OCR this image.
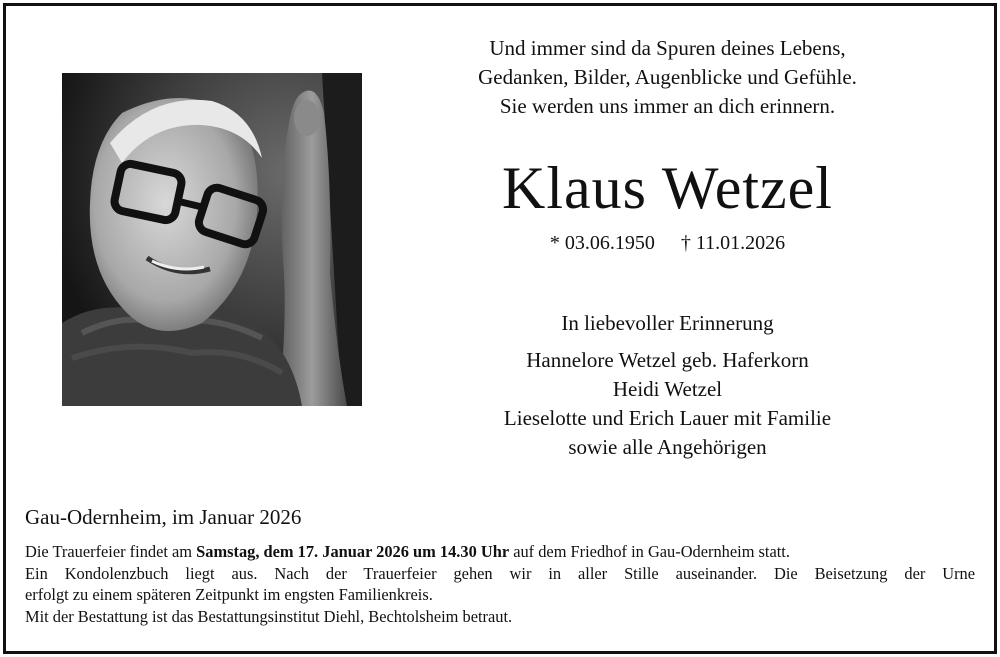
Und immer sind da Spuren deines Lebens,
Gedanken, Bilder, Augenblicke und Gefühle.
Sie werden uns immer an dich erinnern.
Klaus Wetzel
* 03.06.1950 † 11.01.2026
In liebevoller Erinnerung
Hannelore Wetzel geb. Haferkorn
Heidi Wetzel
Lieselotte und Erich Lauer mit Familie
sowie alle Angehörigen
Gau-Odernheim, im Januar 2026
Die Trauerfeier findet am Samstag, dem 17. Januar 2026 um 14.30 Uhr auf dem Friedhof in Gau-Odernheim statt.
Ein Kondolenzbuch liegt aus. Nach der Trauerfeier gehen wir in aller Stille auseinander. Die Beisetzung der Urne
erfolgt zu einem späteren Zeitpunkt im engsten Familienkreis.
Mit der Bestattung ist das Bestattungsinstitut Diehl, Bechtolsheim betraut.
